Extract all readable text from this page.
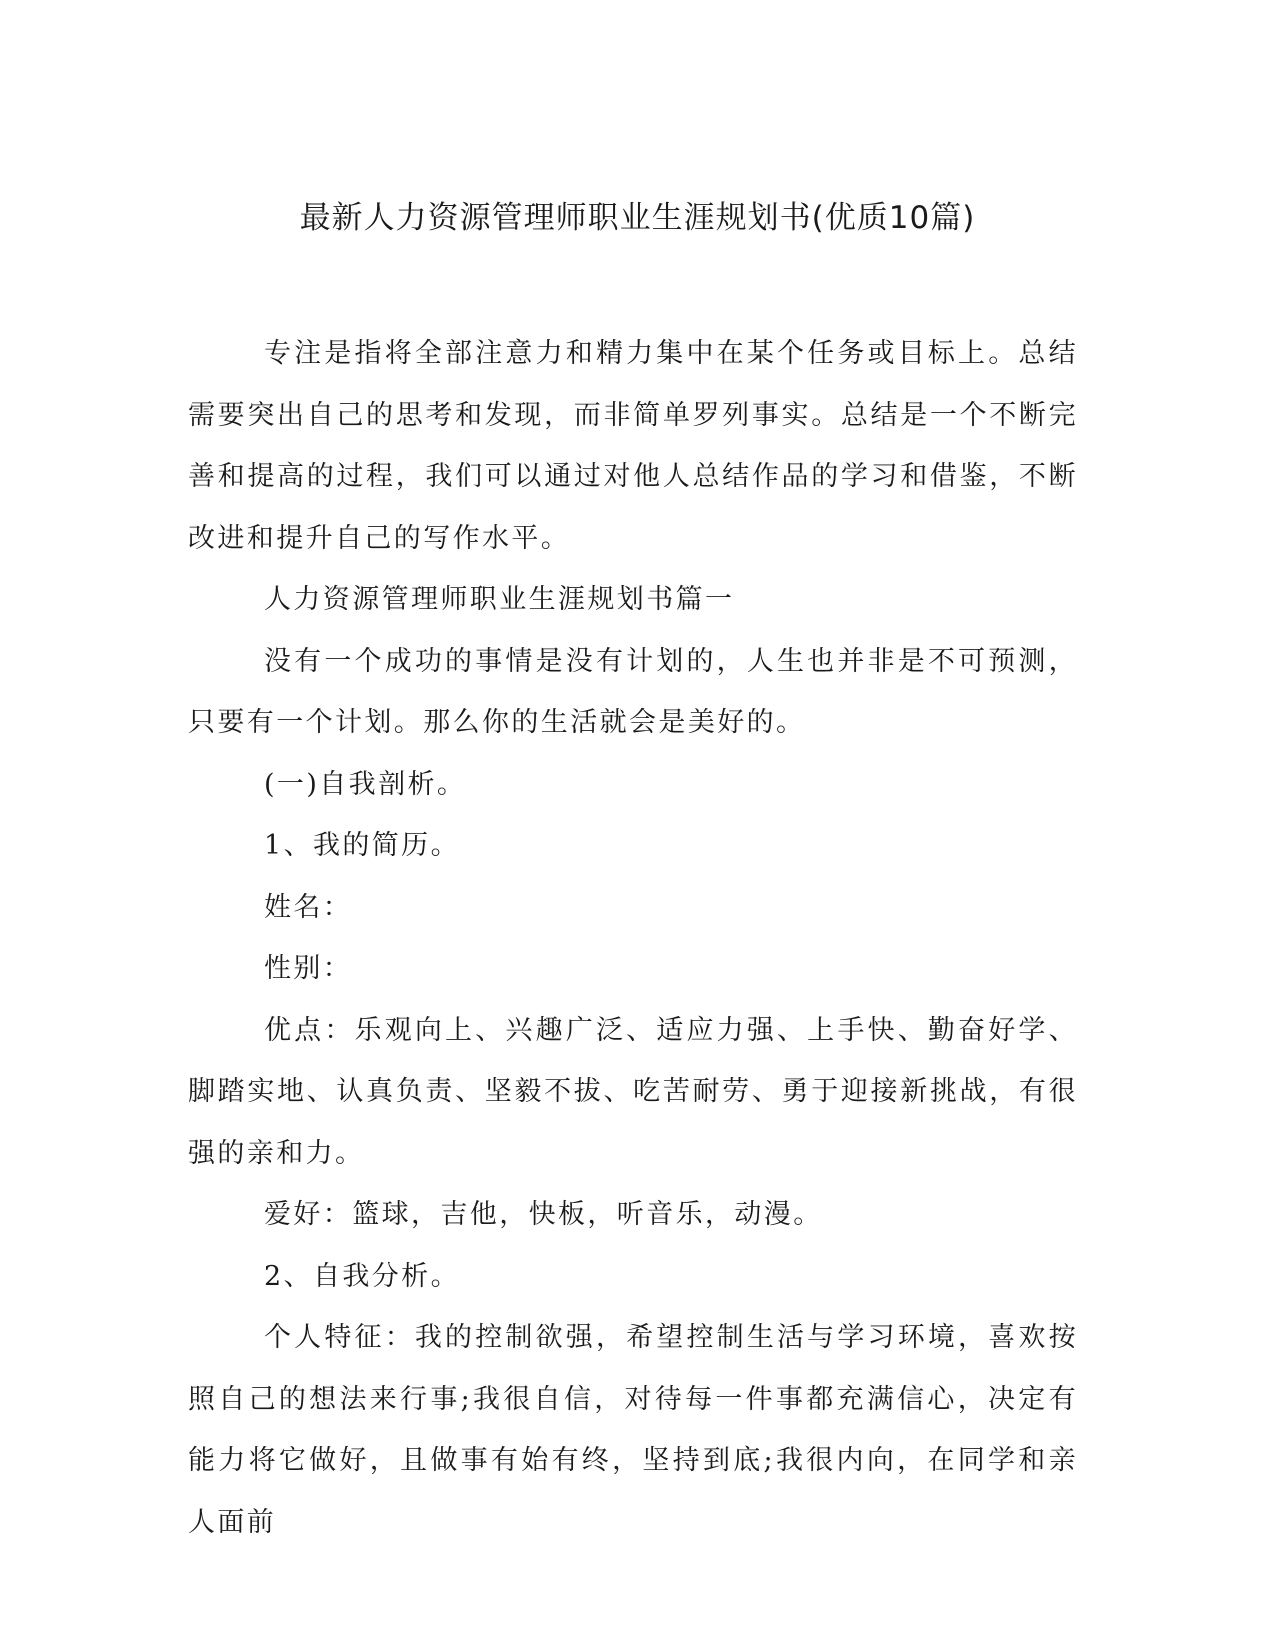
最新人力资源管理师职业生涯规划书(优质10篇)

专注是指将全部注意力和精力集中在某个任务或目标上。总结需要突出自己的思考和发现，而非简单罗列事实。总结是一个不断完善和提高的过程，我们可以通过对他人总结作品的学习和借鉴，不断改进和提升自己的写作水平。

人力资源管理师职业生涯规划书篇一

没有一个成功的事情是没有计划的，人生也并非是不可预测，只要有一个计划。那么你的生活就会是美好的。

(一)自我剖析。

1、我的简历。

姓名：

性别：

优点：乐观向上、兴趣广泛、适应力强、上手快、勤奋好学、脚踏实地、认真负责、坚毅不拔、吃苦耐劳、勇于迎接新挑战，有很强的亲和力。

爱好：篮球，吉他，快板，听音乐，动漫。

2、自我分析。

个人特征：我的控制欲强，希望控制生活与学习环境，喜欢按照自己的想法来行事;我很自信，对待每一件事都充满信心，决定有能力将它做好，且做事有始有终，坚持到底;我很内向，在同学和亲人面前
